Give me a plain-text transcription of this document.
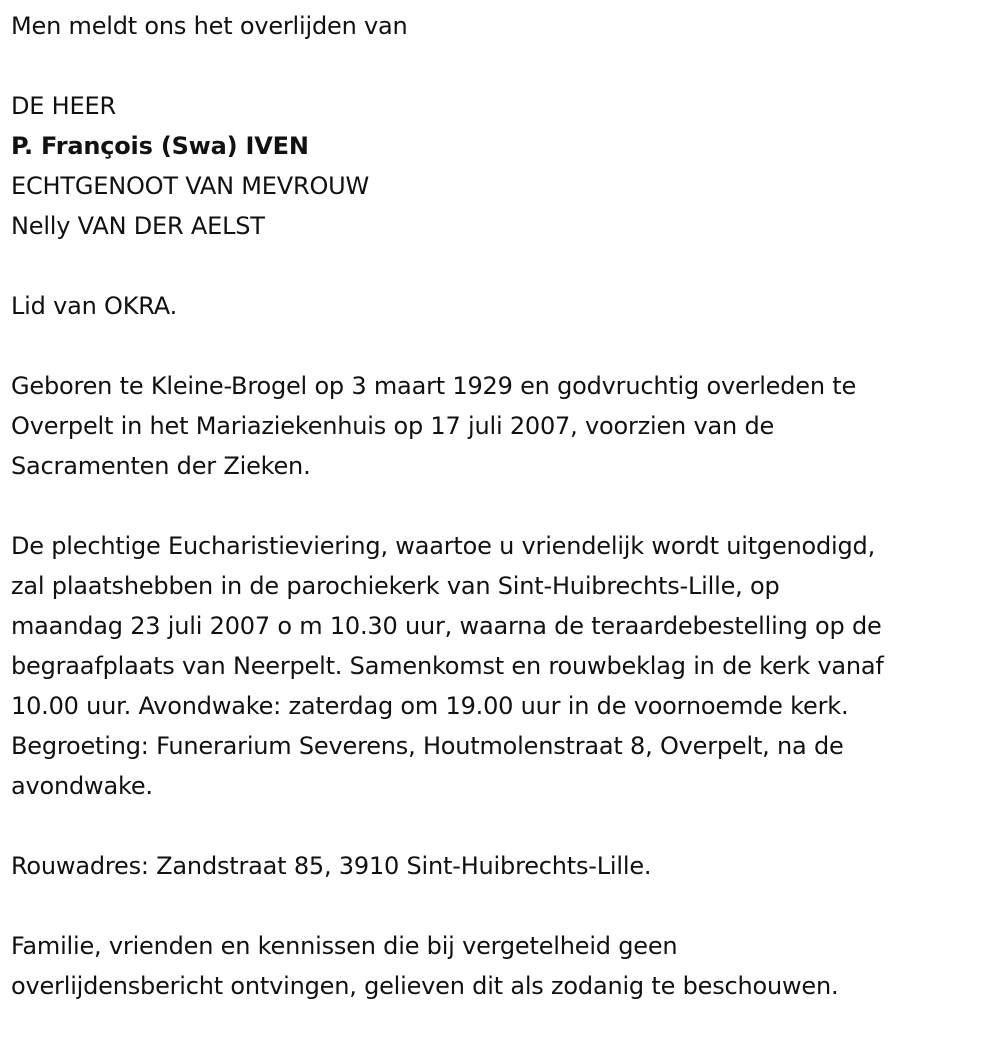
Men meldt ons het overlijden van
DE HEER
P. François (Swa) IVEN
ECHTGENOOT VAN MEVROUW
Nelly VAN DER AELST
Lid van OKRA.
Geboren te Kleine-Brogel op 3 maart 1929 en godvruchtig overleden te
Overpelt in het Mariaziekenhuis op 17 juli 2007, voorzien van de
Sacramenten der Zieken.
De plechtige Eucharistieviering, waartoe u vriendelijk wordt uitgenodigd,
zal plaatshebben in de parochiekerk van Sint-Huibrechts-Lille, op
maandag 23 juli 2007 o m 10.30 uur, waarna de teraardebestelling op de
begraafplaats van Neerpelt. Samenkomst en rouwbeklag in de kerk vanaf
10.00 uur. Avondwake: zaterdag om 19.00 uur in de voornoemde kerk.
Begroeting: Funerarium Severens, Houtmolenstraat 8, Overpelt, na de
avondwake.
Rouwadres: Zandstraat 85, 3910 Sint-Huibrechts-Lille.
Familie, vrienden en kennissen die bij vergetelheid geen
overlijdensbericht ontvingen, gelieven dit als zodanig te beschouwen.
